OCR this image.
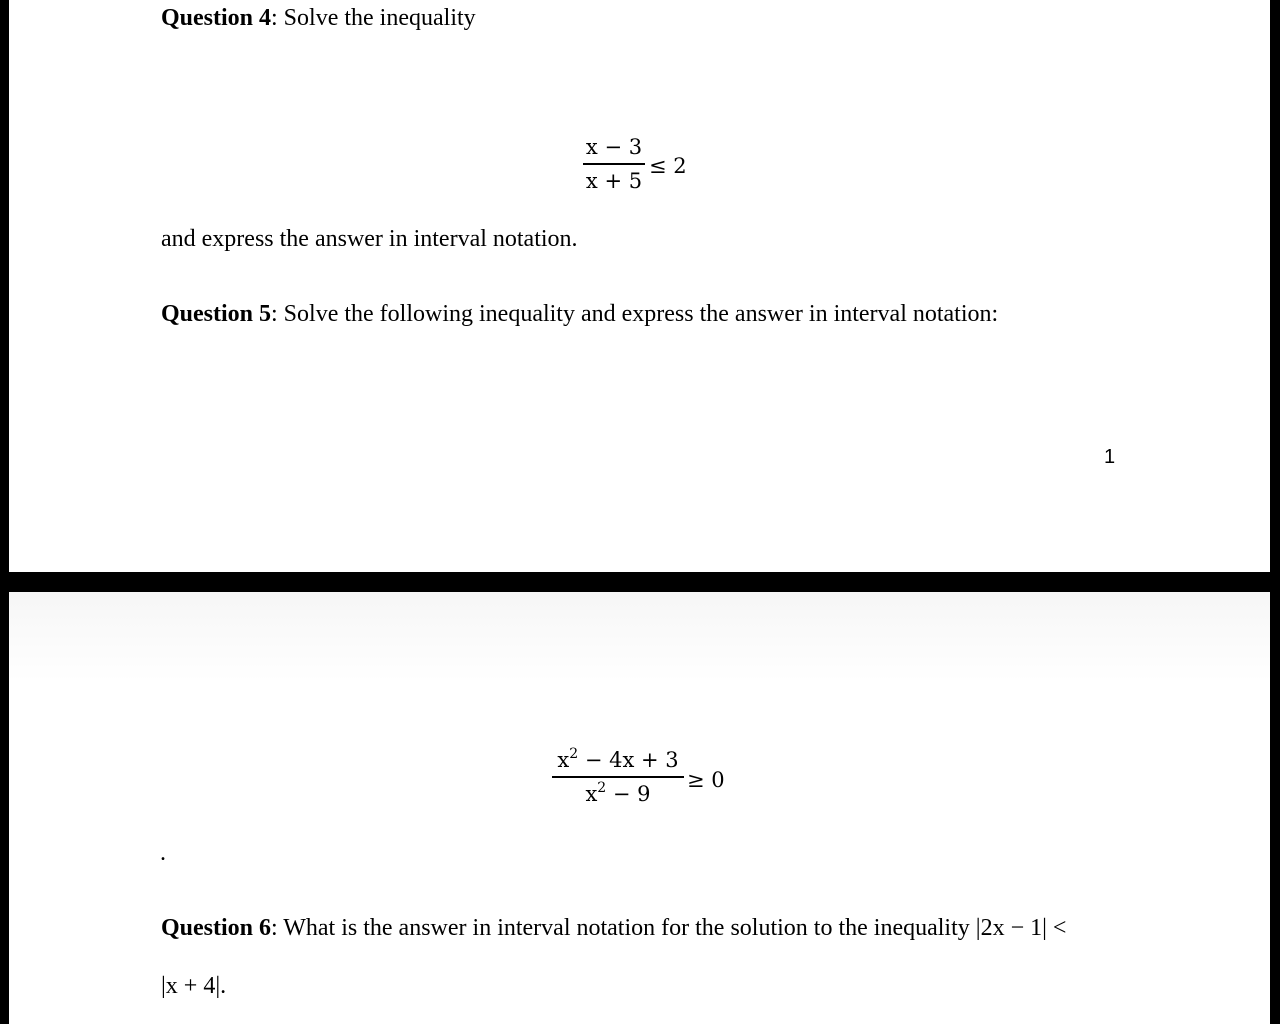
Question 4: Solve the inequality
x − 3
x + 5
≤ 2
and express the answer in interval notation.
Question 5: Solve the following inequality and express the answer in interval notation:
1
$x^2 - 4x + 3$
$x^2 - 9$
≥ 0
.
Question 6: What is the answer in interval notation for the solution to the inequality |2x − 1| <
|x + 4|.
